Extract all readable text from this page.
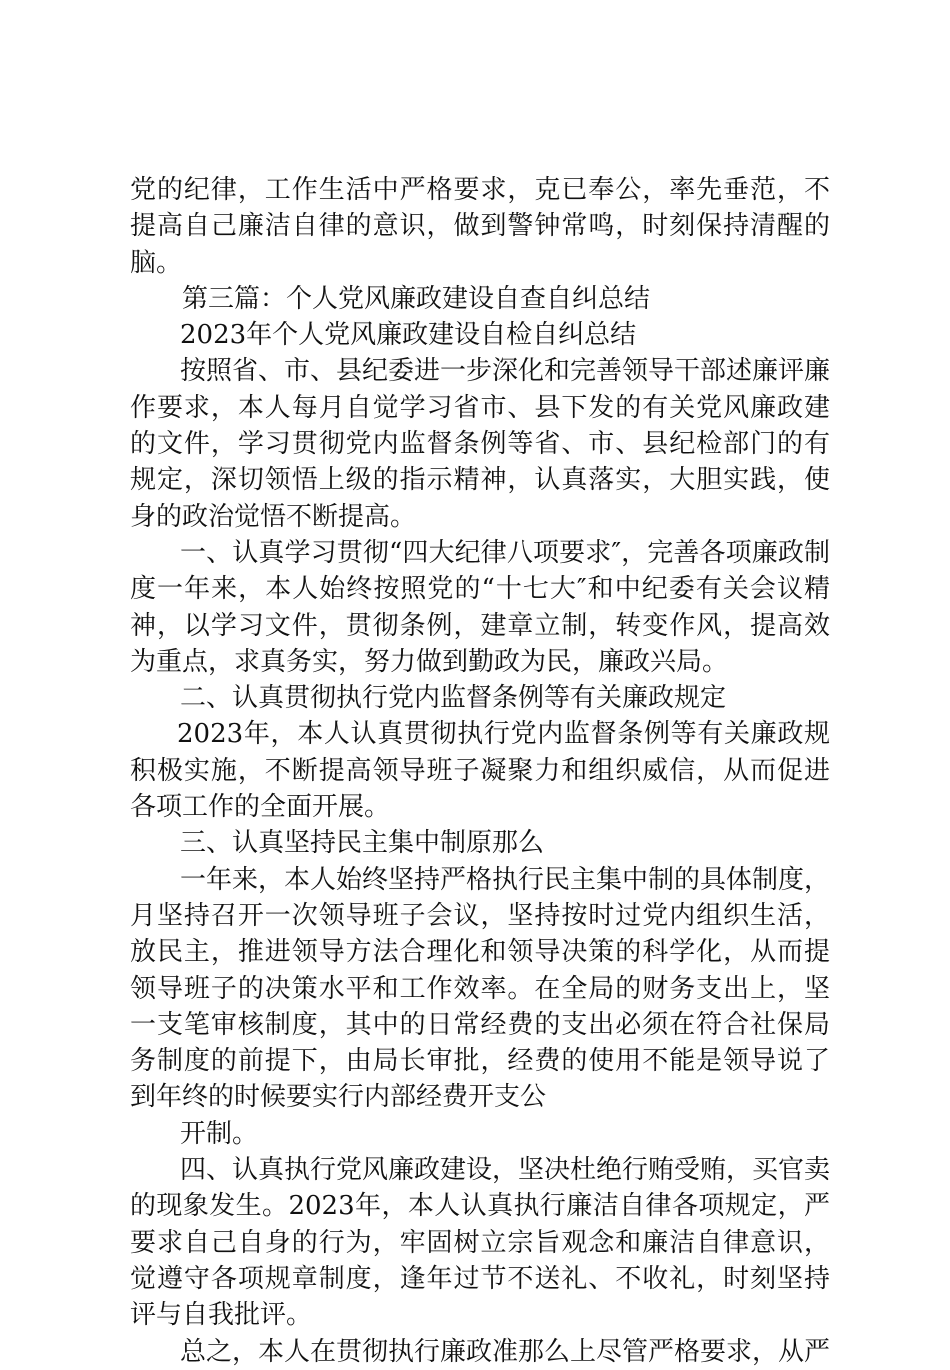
党的纪律，工作生活中严格要求，克已奉公，率先垂范，不
提高自己廉洁自律的意识，做到警钟常鸣，时刻保持清醒的
脑。
第三篇：个人党风廉政建设自查自纠总结
2023年个人党风廉政建设自检自纠总结
按照省、市、县纪委进一步深化和完善领导干部述廉评廉
作要求，本人每月自觉学习省市、县下发的有关党风廉政建
的文件，学习贯彻党内监督条例等省、市、县纪检部门的有
规定，深切领悟上级的指示精神，认真落实，大胆实践，使
身的政治觉悟不断提高。
一、认真学习贯彻“四大纪律八项要求″，完善各项廉政制
度一年来，本人始终按照党的“十七大″和中纪委有关会议精
神，以学习文件，贯彻条例，建章立制，转变作风，提高效
为重点，求真务实，努力做到勤政为民，廉政兴局。
二、认真贯彻执行党内监督条例等有关廉政规定
2023年，本人认真贯彻执行党内监督条例等有关廉政规
积极实施，不断提高领导班子凝聚力和组织威信，从而促进
各项工作的全面开展。
三、认真坚持民主集中制原那么
一年来，本人始终坚持严格执行民主集中制的具体制度，
月坚持召开一次领导班子会议，坚持按时过党内组织生活，
放民主，推进领导方法合理化和领导决策的科学化，从而提
领导班子的决策水平和工作效率。在全局的财务支出上，坚
一支笔审核制度，其中的日常经费的支出必须在符合社保局
务制度的前提下，由局长审批，经费的使用不能是领导说了
到年终的时候要实行内部经费开支公
开制。
四、认真执行党风廉政建设，坚决杜绝行贿受贿，买官卖
的现象发生。2023年，本人认真执行廉洁自律各项规定，严
要求自己自身的行为，牢固树立宗旨观念和廉洁自律意识，
觉遵守各项规章制度，逢年过节不送礼、不收礼，时刻坚持
评与自我批评。
总之，本人在贯彻执行廉政准那么上尽管严格要求，从严
